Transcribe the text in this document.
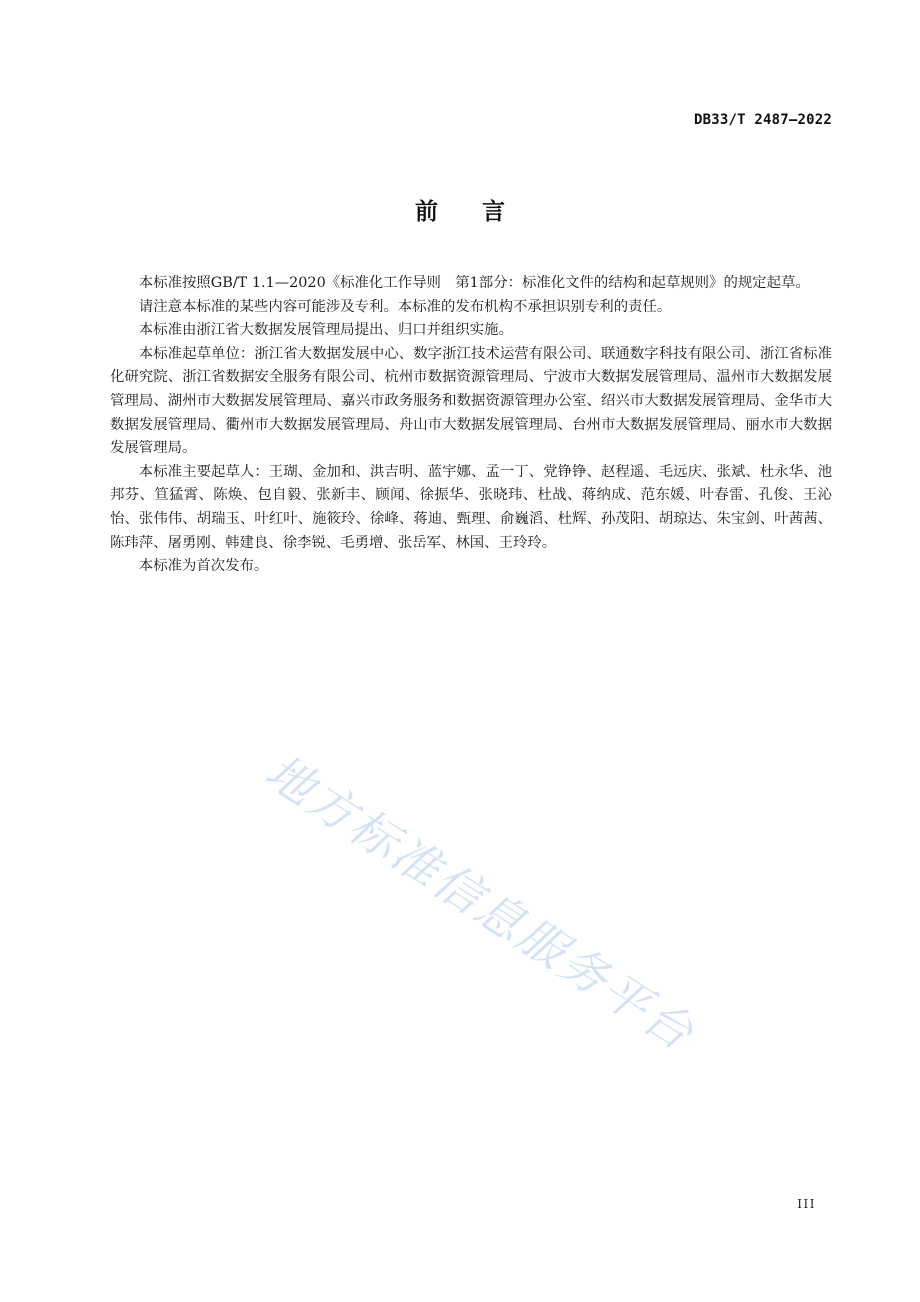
DB33/T 2487—2022
前言

本标准按照GB/T 1.1—2020《标准化工作导则　第1部分：标准化文件的结构和起草规则》的规定起草。

请注意本标准的某些内容可能涉及专利。本标准的发布机构不承担识别专利的责任。

本标准由浙江省大数据发展管理局提出、归口并组织实施。

本标准起草单位：浙江省大数据发展中心、数字浙江技术运营有限公司、联通数字科技有限公司、浙江省标准化研究院、浙江省数据安全服务有限公司、杭州市数据资源管理局、宁波市大数据发展管理局、温州市大数据发展管理局、湖州市大数据发展管理局、嘉兴市政务服务和数据资源管理办公室、绍兴市大数据发展管理局、金华市大数据发展管理局、衢州市大数据发展管理局、舟山市大数据发展管理局、台州市大数据发展管理局、丽水市大数据发展管理局。

本标准主要起草人：王瑚、金加和、洪吉明、蓝宇娜、孟一丁、党铮铮、赵程遥、毛远庆、张斌、杜永华、池邦芬、笪猛霄、陈焕、包自毅、张新丰、顾闻、徐振华、张晓玮、杜战、蒋纳成、范东媛、叶春雷、孔俊、王沁怡、张伟伟、胡瑞玉、叶红叶、施筱玲、徐峰、蒋迪、甄理、俞巍滔、杜辉、孙茂阳、胡琼达、朱宝剑、叶茜茜、陈玮萍、屠勇刚、韩建良、徐李锐、毛勇增、张岳军、林国、王玲玲。

本标准为首次发布。

地方标准信息服务平台
III
